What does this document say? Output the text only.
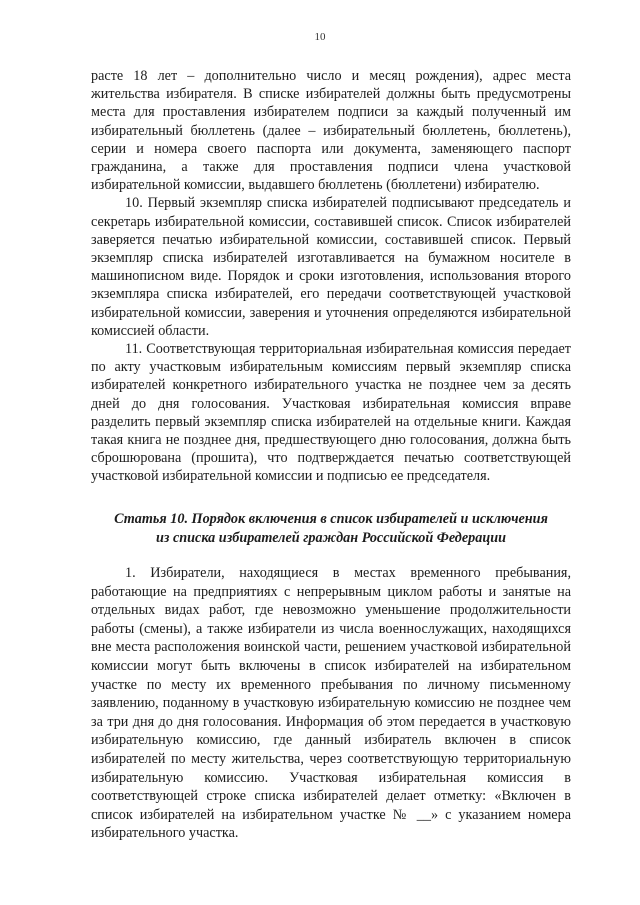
10

раcте 18 лет – дополнительно число и месяц рождения), адрес места жительства избирателя. В списке избирателей должны быть предусмотрены места для проставления избирателем подписи за каждый полученный им избирательный бюллетень (далее – избирательный бюллетень, бюллетень), серии и номера своего паспорта или документа, заменяющего паспорт гражданина, а также для проставления подписи члена участковой избирательной комиссии, выдавшего бюллетень (бюллетени) избирателю.

10. Первый экземпляр списка избирателей подписывают председатель и секретарь избирательной комиссии, составившей список. Список избирателей заверяется печатью избирательной комиссии, составившей список. Первый экземпляр списка избирателей изготавливается на бумажном носителе в машинописном виде. Порядок и сроки изготовления, использования второго экземпляра списка избирателей, его передачи соответствующей участковой избирательной комиссии, заверения и уточнения определяются избирательной комиссией области.

11. Соответствующая территориальная избирательная комиссия передает по акту участковым избирательным комиссиям первый экземпляр списка избирателей конкретного избирательного участка не позднее чем за десять дней до дня голосования. Участковая избирательная комиссия вправе разделить первый экземпляр списка избирателей на отдельные книги. Каждая такая книга не позднее дня, предшествующего дню голосования, должна быть сброшюрована (прошита), что подтверждается печатью соответствующей участковой избирательной комиссии и подписью ее председателя.

Статья 10. Порядок включения в список избирателей и исключения
из списка избирателей граждан Российской Федерации

1. Избиратели, находящиеся в местах временного пребывания, работающие на предприятиях с непрерывным циклом работы и занятые на отдельных видах работ, где невозможно уменьшение продолжительности работы (смены), а также избиратели из числа военнослужащих, находящихся вне места расположения воинской части, решением участковой избирательной комиссии могут быть включены в список избирателей на избирательном участке по месту их временного пребывания по личному письменному заявлению, поданному в участковую избирательную комиссию не позднее чем за три дня до дня голосования. Информация об этом передается в участковую избирательную комиссию, где данный избиратель включен в список избирателей по месту жительства, через соответствующую территориальную избирательную комиссию. Участковая избирательная комиссия в соответствующей строке списка избирателей делает отметку: «Включен в список избирателей на избирательном участке № __» с указанием номера избирательного участка.
